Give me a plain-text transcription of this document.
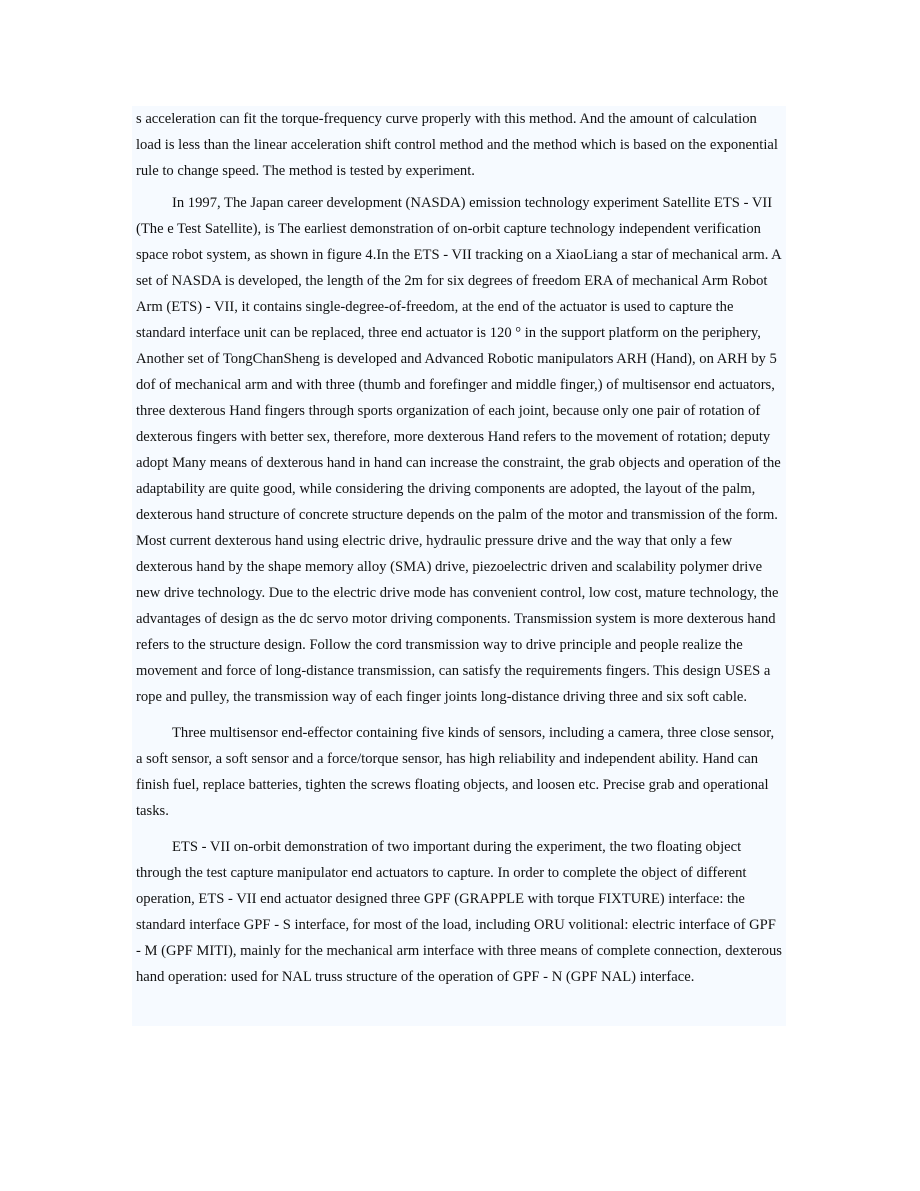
s acceleration can fit the torque-frequency curve properly with this method. And the amount of calculation load is less than the linear acceleration shift control method and the method which is based on the exponential rule to change speed. The method is tested by experiment.

In 1997, The Japan career development (NASDA) emission technology experiment Satellite ETS - VII (The e Test Satellite), is The earliest demonstration of on-orbit capture technology independent verification space robot system, as shown in figure 4.In the ETS - VII tracking on a XiaoLiang a star of mechanical arm. A set of NASDA is developed, the length of the 2m for six degrees of freedom ERA of mechanical Arm Robot Arm (ETS) - VII, it contains single-degree-of-freedom, at the end of the actuator is used to capture the standard interface unit can be replaced, three end actuator is 120 ° in the support platform on the periphery, Another set of TongChanSheng is developed and Advanced Robotic manipulators ARH (Hand), on ARH by 5 dof of mechanical arm and with three (thumb and forefinger and middle finger,) of multisensor end actuators, three dexterous Hand fingers through sports organization of each joint, because only one pair of rotation of dexterous fingers with better sex, therefore, more dexterous Hand refers to the movement of rotation; deputy adopt Many means of dexterous hand in hand can increase the constraint, the grab objects and operation of the adaptability are quite good, while considering the driving components are adopted, the layout of the palm, dexterous hand structure of concrete structure depends on the palm of the motor and transmission of the form. Most current dexterous hand using electric drive, hydraulic pressure drive and the way that only a few dexterous hand by the shape memory alloy (SMA) drive, piezoelectric driven and scalability polymer drive new drive technology. Due to the electric drive mode has convenient control, low cost, mature technology, the advantages of design as the dc servo motor driving components. Transmission system is more dexterous hand refers to the structure design. Follow the cord transmission way to drive principle and people realize the movement and force of long-distance transmission, can satisfy the requirements fingers. This design USES a rope and pulley, the transmission way of each finger joints long-distance driving three and six soft cable.

Three multisensor end-effector containing five kinds of sensors, including a camera, three close sensor, a soft sensor, a soft sensor and a force/torque sensor, has high reliability and independent ability. Hand can finish fuel, replace batteries, tighten the screws floating objects, and loosen etc. Precise grab and operational tasks.

ETS - VII on-orbit demonstration of two important during the experiment, the two floating object through the test capture manipulator end actuators to capture. In order to complete the object of different operation, ETS - VII end actuator designed three GPF (GRAPPLE with torque FIXTURE) interface: the standard interface GPF - S interface, for most of the load, including ORU volitional: electric interface of GPF - M (GPF MITI), mainly for the mechanical arm interface with three means of complete connection, dexterous hand operation: used for NAL truss structure of the operation of GPF - N (GPF NAL) interface.
